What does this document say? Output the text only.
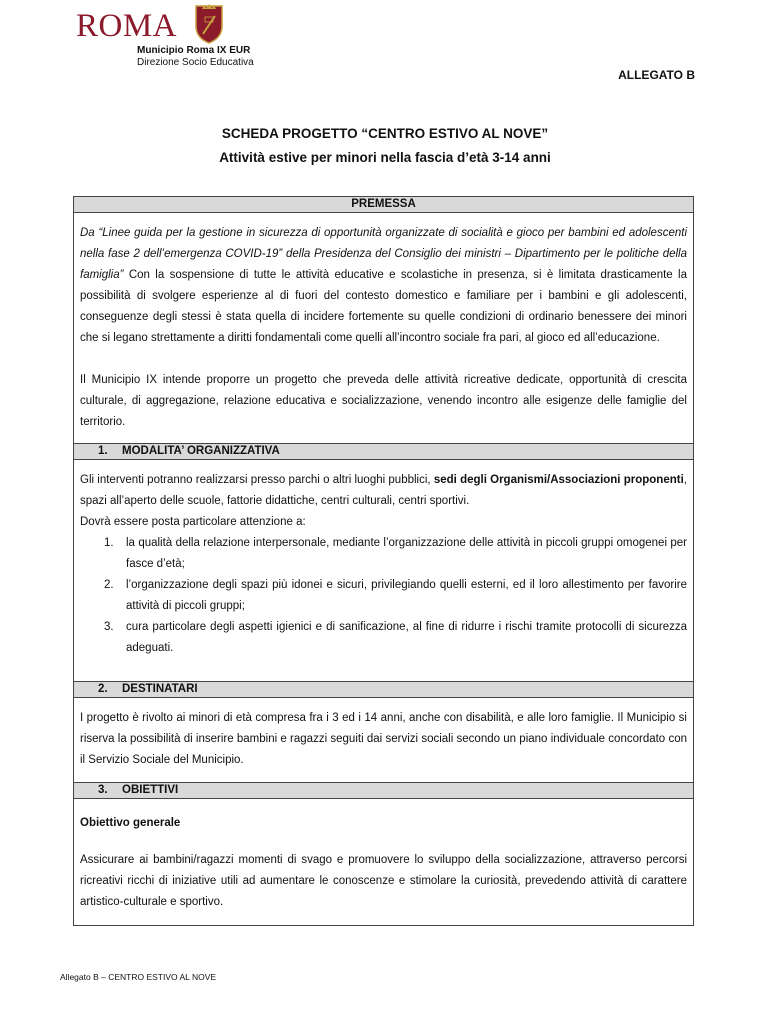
ROMA
Municipio Roma IX EUR
Direzione Socio Educativa
ALLEGATO B
SCHEDA PROGETTO “CENTRO ESTIVO AL NOVE”
Attività estive per minori nella fascia d’età 3-14 anni
PREMESSA
Da “Linee guida per la gestione in sicurezza di opportunità organizzate di socialità e gioco per bambini ed adolescenti nella fase 2 dell’emergenza COVID-19” della Presidenza del Consiglio dei ministri – Dipartimento per le politiche della famiglia” Con la sospensione di tutte le attività educative e scolastiche in presenza, si è limitata drasticamente la possibilità di svolgere esperienze al di fuori del contesto domestico e familiare per i bambini e gli adolescenti, conseguenze degli stessi è stata quella di incidere fortemente su quelle condizioni di ordinario benessere dei minori che si legano strettamente a diritti fondamentali come quelli all’incontro sociale fra pari, al gioco ed all’educazione.
Il Municipio IX intende proporre un progetto che preveda delle attività ricreative dedicate, opportunità di crescita culturale, di aggregazione, relazione educativa e socializzazione, venendo incontro alle esigenze delle famiglie del territorio.
1. MODALITA’ ORGANIZZATIVA
Gli interventi potranno realizzarsi presso parchi o altri luoghi pubblici, sedi degli Organismi/Associazioni proponenti, spazi all’aperto delle scuole, fattorie didattiche, centri culturali, centri sportivi.
Dovrà essere posta particolare attenzione a:
1. la qualità della relazione interpersonale, mediante l’organizzazione delle attività in piccoli gruppi omogenei per fasce d’età;
2. l’organizzazione degli spazi più idonei e sicuri, privilegiando quelli esterni, ed il loro allestimento per favorire attività di piccoli gruppi;
3. cura particolare degli aspetti igienici e di sanificazione, al fine di ridurre i rischi tramite protocolli di sicurezza adeguati.
2. DESTINATARI
I progetto è rivolto ai minori di età compresa fra i 3 ed i 14 anni, anche con disabilità, e alle loro famiglie. Il Municipio si riserva la possibilità di inserire bambini e ragazzi seguiti dai servizi sociali secondo un piano individuale concordato con il Servizio Sociale del Municipio.
3. OBIETTIVI
Obiettivo generale
Assicurare ai bambini/ragazzi momenti di svago e promuovere lo sviluppo della socializzazione, attraverso percorsi ricreativi ricchi di iniziative utili ad aumentare le conoscenze e stimolare la curiosità, prevedendo attività di carattere artistico-culturale e sportivo.
Allegato B – CENTRO ESTIVO AL NOVE
